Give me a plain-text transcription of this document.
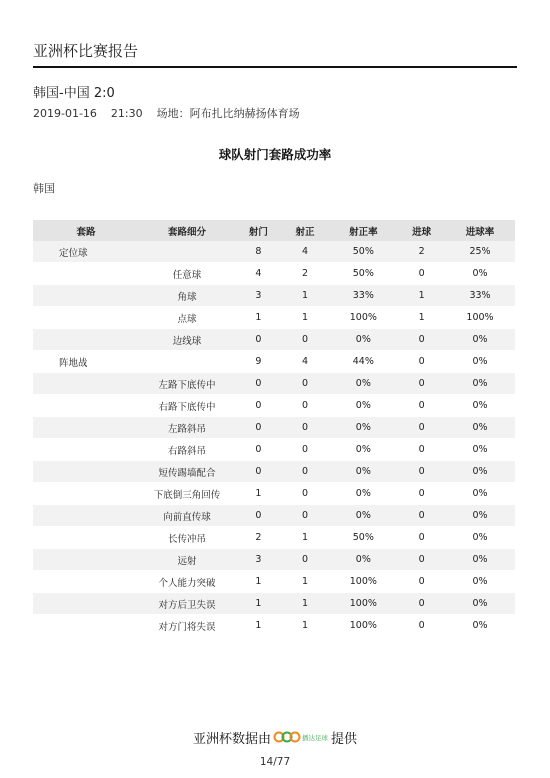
亚洲杯比赛报告
韩国-中国 2:0
2019-01-16    21:30    场地：阿布扎比纳赫扬体育场
球队射门套路成功率
韩国
套路	套路细分	射门	射正	射正率	进球	进球率
定位球		8	4	50%	2	25%
	任意球	4	2	50%	0	0%
	角球	3	1	33%	1	33%
	点球	1	1	100%	1	100%
	边线球	0	0	0%	0	0%
阵地战		9	4	44%	0	0%
	左路下底传中	0	0	0%	0	0%
	右路下底传中	0	0	0%	0	0%
	左路斜吊	0	0	0%	0	0%
	右路斜吊	0	0	0%	0	0%
	短传踢墙配合	0	0	0%	0	0%
	下底倒三角回传	1	0	0%	0	0%
	向前直传球	0	0	0%	0	0%
	长传冲吊	2	1	50%	0	0%
	远射	3	0	0%	0	0%
	个人能力突破	1	1	100%	0	0%
	对方后卫失误	1	1	100%	0	0%
	对方门将失误	1	1	100%	0	0%
亚洲杯数据由	播达足球 提供
14/77
